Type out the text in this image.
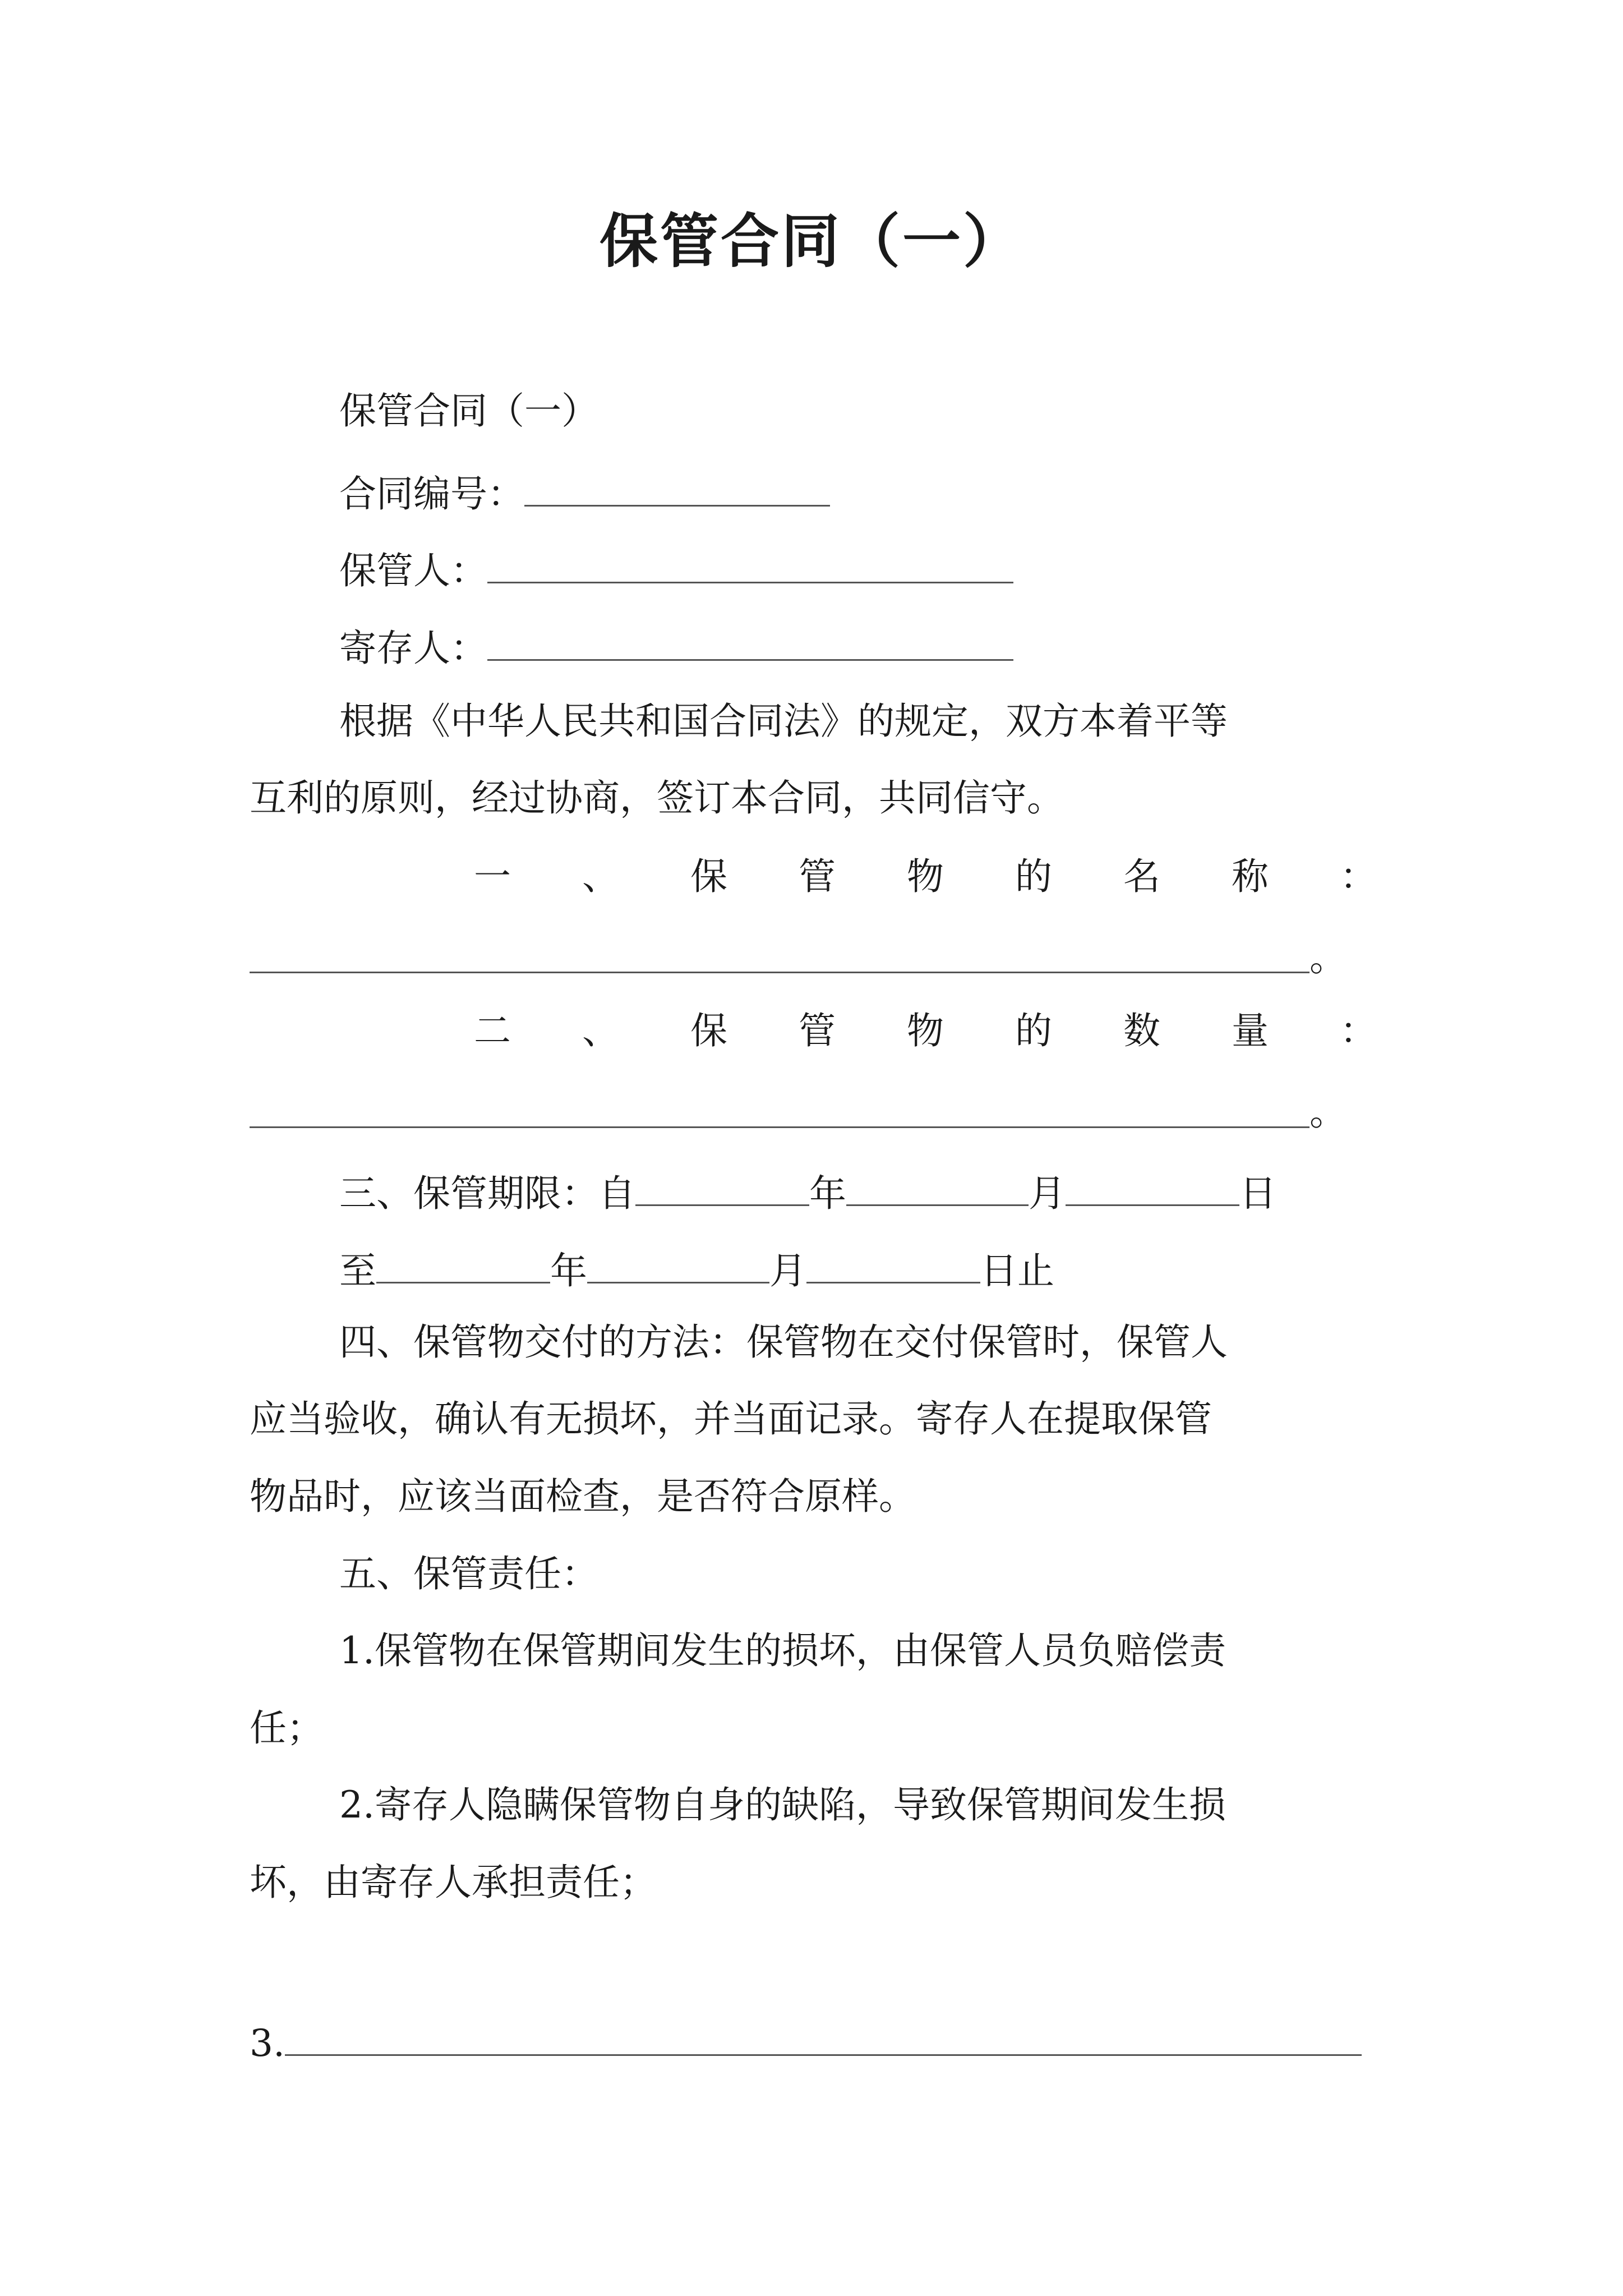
保管合同（一）
保管合同（一）
合同编号：
保管人：
寄存人：
根据《中华人民共和国合同法》的规定，双方本着平等
互利的原则，经过协商，签订本合同，共同信守。
一 、 保 管 物 的 名 称 ：
。
二 、 保 管 物 的 数 量 ：
。
三、保管期限：自	年	月	日
至	年	月	日止
四、保管物交付的方法：保管物在交付保管时，保管人
应当验收，确认有无损坏，并当面记录。寄存人在提取保管
物品时，应该当面检查，是否符合原样。
五、保管责任：
1.保管物在保管期间发生的损坏，由保管人员负赔偿责
任；
2.寄存人隐瞒保管物自身的缺陷，导致保管期间发生损
坏，由寄存人承担责任；
3.
